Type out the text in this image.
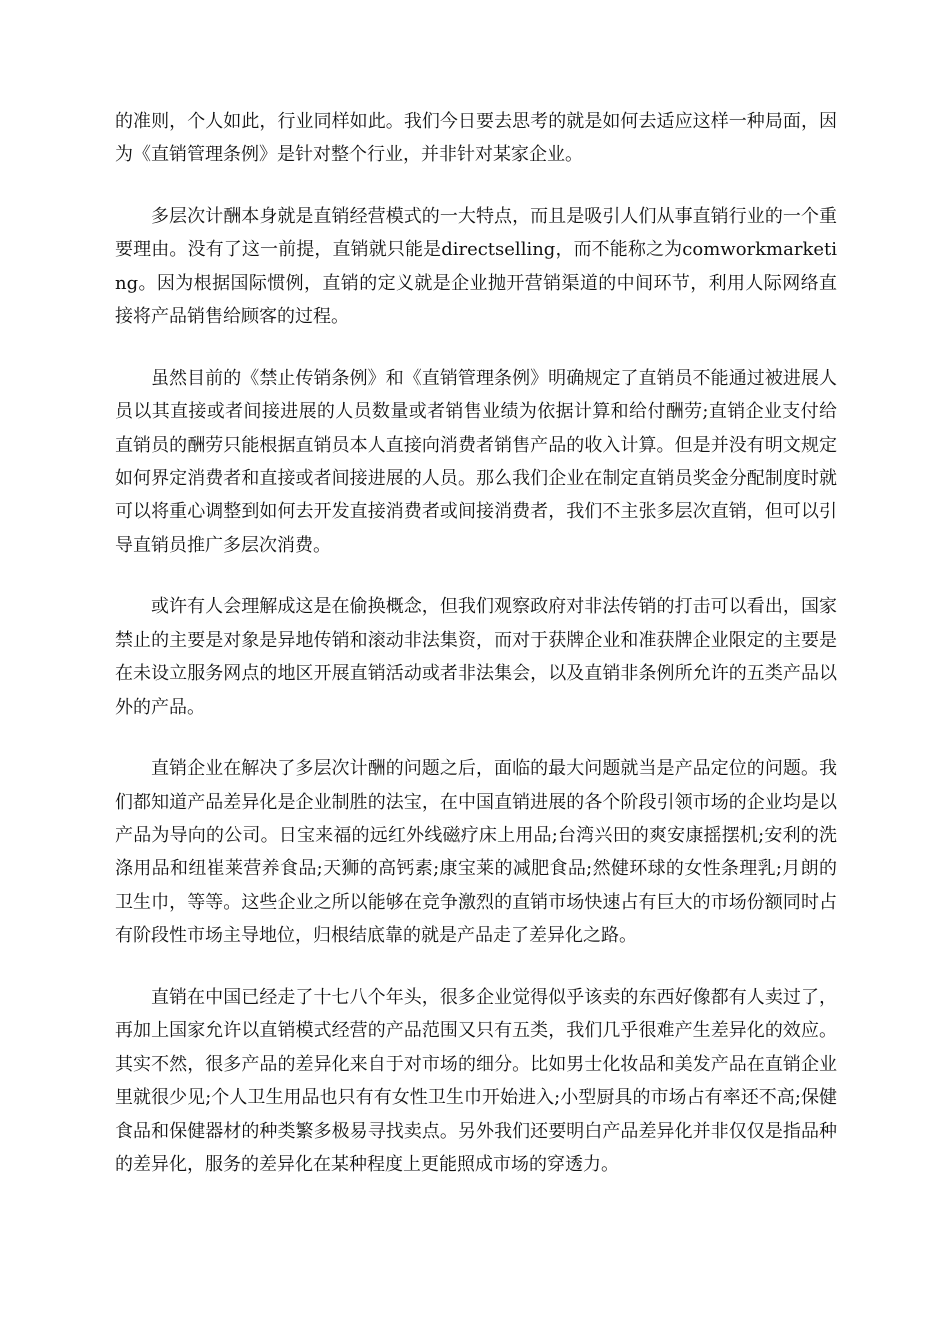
的准则，个人如此，行业同样如此。我们今日要去思考的就是如何去适应这样一种局面，因为《直销管理条例》是针对整个行业，并非针对某家企业。

多层次计酬本身就是直销经营模式的一大特点，而且是吸引人们从事直销行业的一个重要理由。没有了这一前提，直销就只能是directselling，而不能称之为comworkmarketing。因为根据国际惯例，直销的定义就是企业抛开营销渠道的中间环节，利用人际网络直接将产品销售给顾客的过程。

虽然目前的《禁止传销条例》和《直销管理条例》明确规定了直销员不能通过被进展人员以其直接或者间接进展的人员数量或者销售业绩为依据计算和给付酬劳;直销企业支付给直销员的酬劳只能根据直销员本人直接向消费者销售产品的收入计算。但是并没有明文规定如何界定消费者和直接或者间接进展的人员。那么我们企业在制定直销员奖金分配制度时就可以将重心调整到如何去开发直接消费者或间接消费者，我们不主张多层次直销，但可以引导直销员推广多层次消费。

或许有人会理解成这是在偷换概念，但我们观察政府对非法传销的打击可以看出，国家禁止的主要是对象是异地传销和滚动非法集资，而对于获牌企业和准获牌企业限定的主要是在未设立服务网点的地区开展直销活动或者非法集会，以及直销非条例所允许的五类产品以外的产品。

直销企业在解决了多层次计酬的问题之后，面临的最大问题就当是产品定位的问题。我们都知道产品差异化是企业制胜的法宝，在中国直销进展的各个阶段引领市场的企业均是以产品为导向的公司。日宝来福的远红外线磁疗床上用品;台湾兴田的爽安康摇摆机;安利的洗涤用品和纽崔莱营养食品;天狮的高钙素;康宝莱的减肥食品;然健环球的女性条理乳;月朗的卫生巾，等等。这些企业之所以能够在竞争激烈的直销市场快速占有巨大的市场份额同时占有阶段性市场主导地位，归根结底靠的就是产品走了差异化之路。

直销在中国已经走了十七八个年头，很多企业觉得似乎该卖的东西好像都有人卖过了，再加上国家允许以直销模式经营的产品范围又只有五类，我们几乎很难产生差异化的效应。其实不然，很多产品的差异化来自于对市场的细分。比如男士化妆品和美发产品在直销企业里就很少见;个人卫生用品也只有有女性卫生巾开始进入;小型厨具的市场占有率还不高;保健食品和保健器材的种类繁多极易寻找卖点。另外我们还要明白产品差异化并非仅仅是指品种的差异化，服务的差异化在某种程度上更能照成市场的穿透力。
